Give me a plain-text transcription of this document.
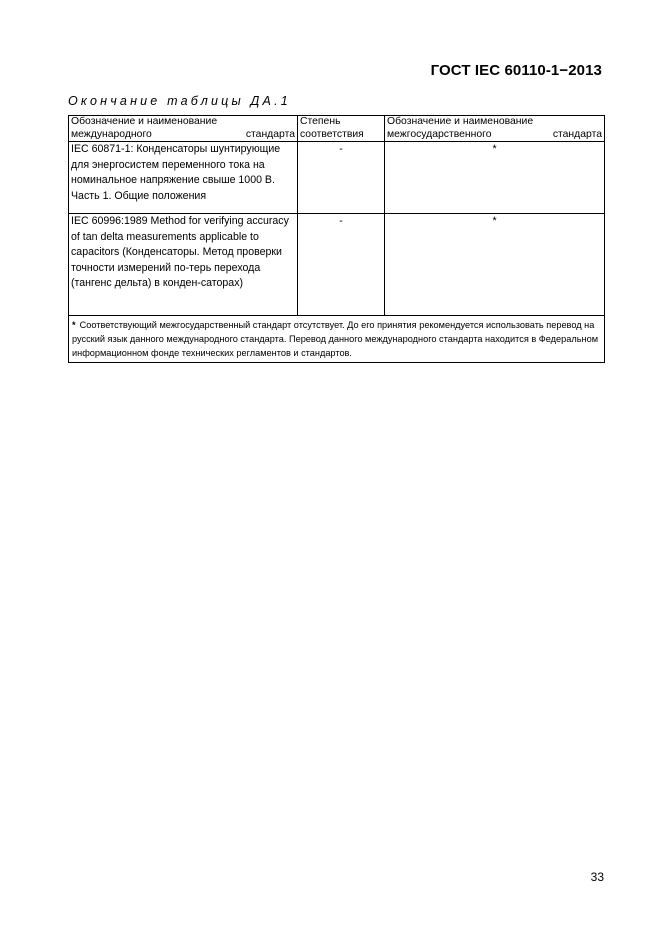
ГОСТ IEC 60110-1−2013
Окончание таблицы ДА.1
Обозначение и наименование международного стандарта	Степень соответствия	Обозначение и наименование межгосударственного стандарта
IEC 60871-1: Конденсаторы шунтирующие для энергосистем переменного тока на номинальное напряжение свыше 1000 В. Часть 1. Общие положения	-	*
IEC 60996:1989 Method for verifying accuracy of tan delta measurements applicable to capacitors (Конденсаторы. Метод проверки точности измерений по-терь перехода (тангенс дельта) в конден-саторах)	-	*
* Соответствующий межгосударственный стандарт отсутствует. До его принятия рекомендуется использовать перевод на русский язык данного международного стандарта. Перевод данного международного стандарта находится в Федеральном информационном фонде технических регламентов и стандартов.		
33
